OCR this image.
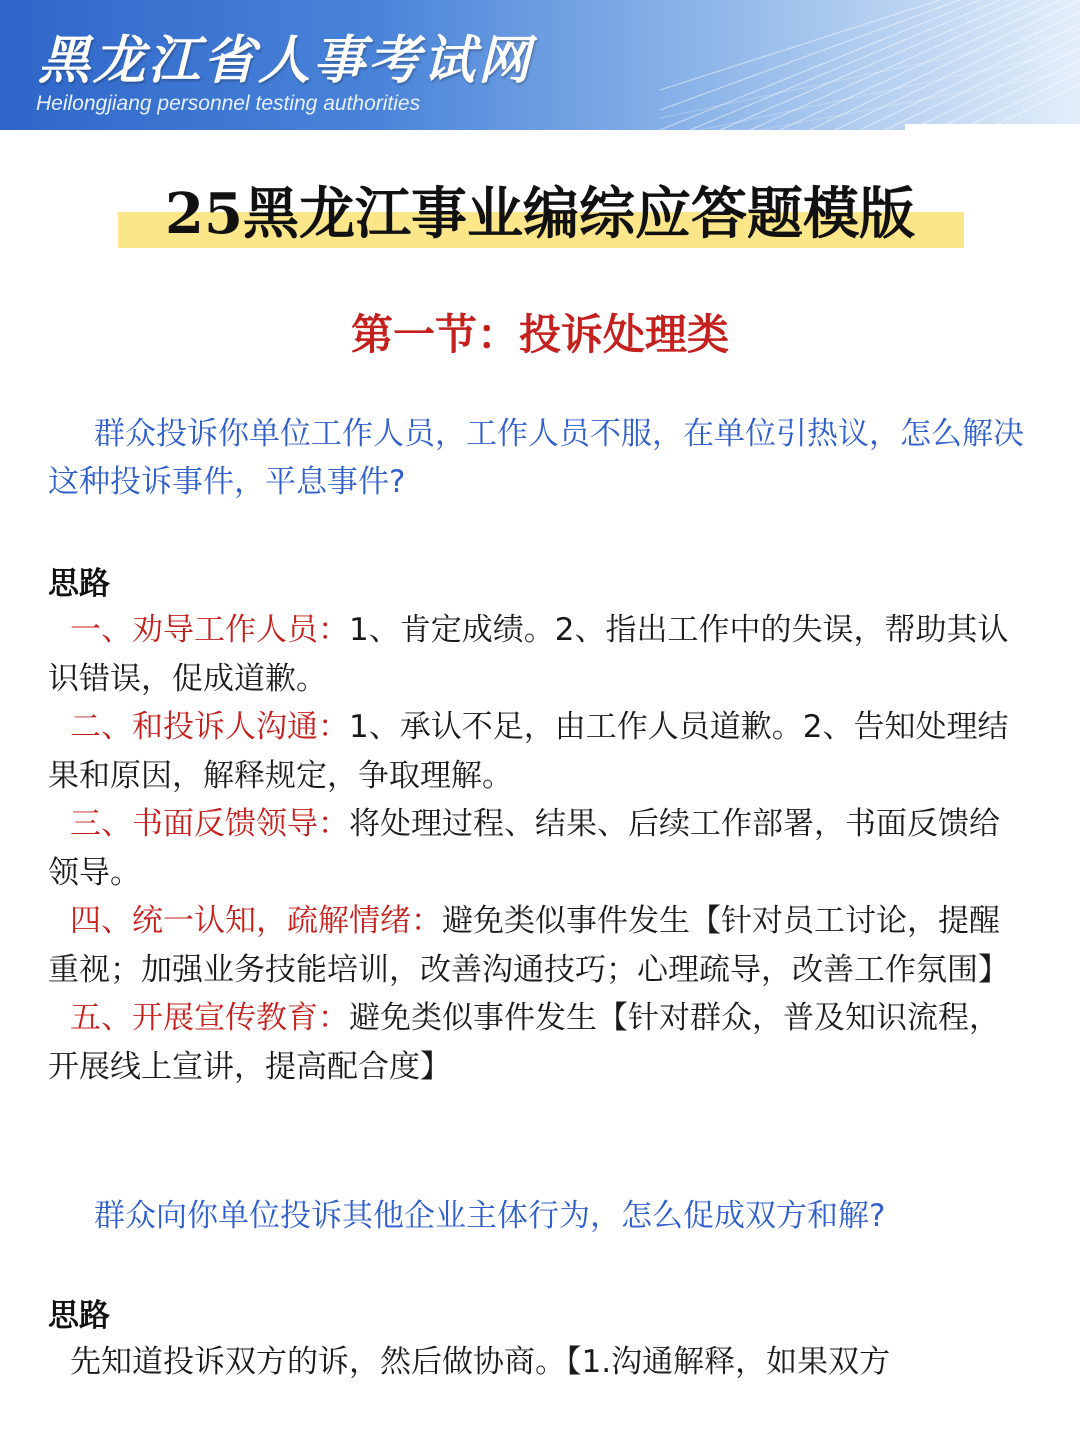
黑龙江省人事考试网
Heilongjiang personnel testing authorities
25黑龙江事业编综应答题模版
第一节：投诉处理类
群众投诉你单位工作人员，工作人员不服，在单位引热议，怎么解决这种投诉事件，平息事件?
思路

一、劝导工作人员：1、肯定成绩。2、指出工作中的失误，帮助其认识错误，促成道歉。

二、和投诉人沟通：1、承认不足，由工作人员道歉。2、告知处理结果和原因，解释规定，争取理解。

三、书面反馈领导：将处理过程、结果、后续工作部署，书面反馈给领导。

四、统一认知，疏解情绪：避免类似事件发生【针对员工讨论，提醒重视；加强业务技能培训，改善沟通技巧；心理疏导，改善工作氛围】

五、开展宣传教育：避免类似事件发生【针对群众，普及知识流程，开展线上宣讲，提高配合度】

群众向你单位投诉其他企业主体行为，怎么促成双方和解?
思路
先知道投诉双方的诉，然后做协商。【1.沟通解释，如果双方
